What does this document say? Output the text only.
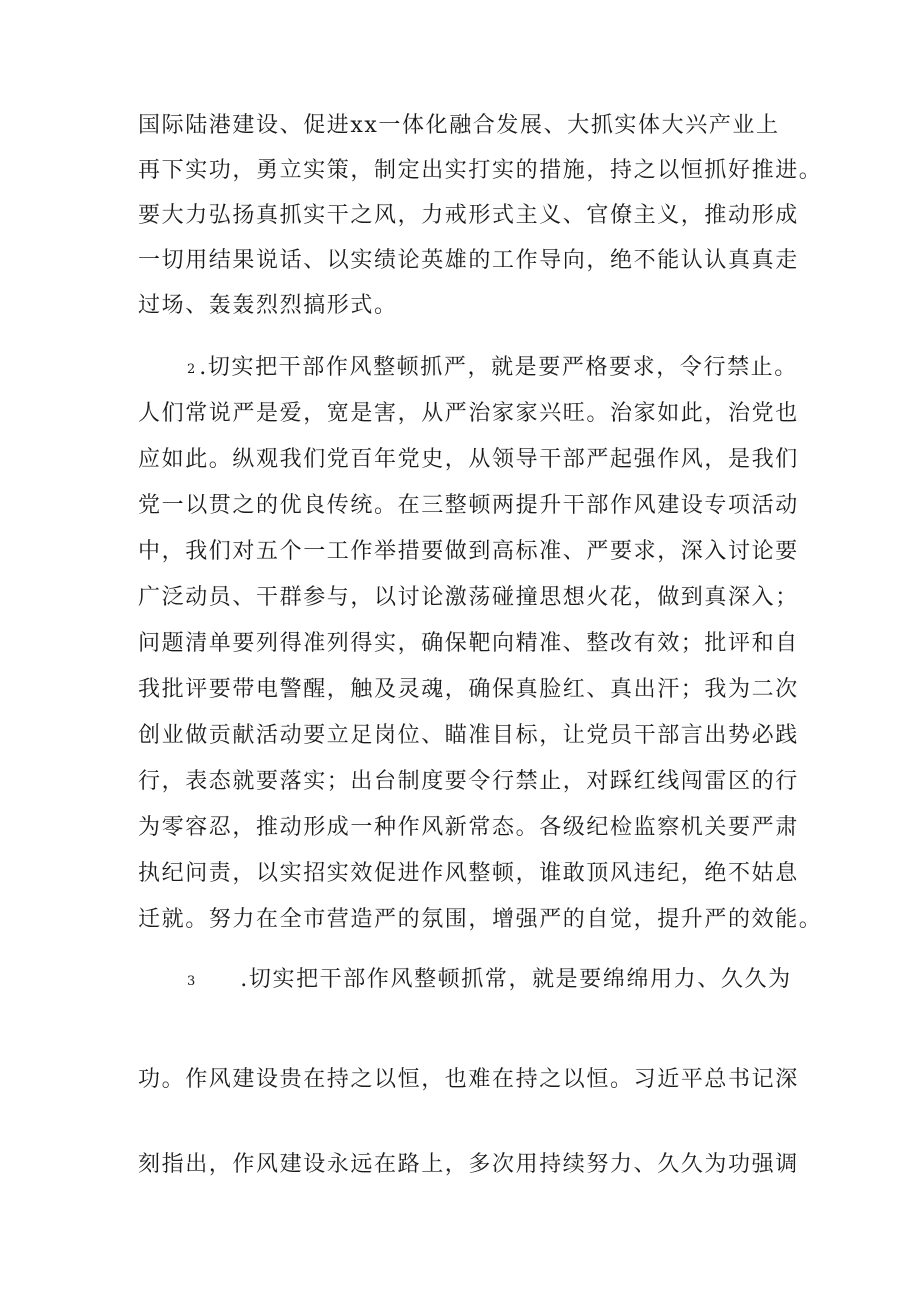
国际陆港建设、促进xx一体化融合发展、大抓实体大兴产业上
再下实功，勇立实策，制定出实打实的措施，持之以恒抓好推进。
要大力弘扬真抓实干之风，力戒形式主义、官僚主义，推动形成
一切用结果说话、以实绩论英雄的工作导向，绝不能认认真真走
过场、轰轰烈烈搞形式。
2 .切实把干部作风整顿抓严，就是要严格要求，令行禁止。
人们常说严是爱，宽是害，从严治家家兴旺。治家如此，治党也
应如此。纵观我们党百年党史，从领导干部严起强作风，是我们
党一以贯之的优良传统。在三整顿两提升干部作风建设专项活动
中，我们对五个一工作举措要做到高标准、严要求，深入讨论要
广泛动员、干群参与，以讨论激荡碰撞思想火花，做到真深入；
问题清单要列得准列得实，确保靶向精准、整改有效；批评和自
我批评要带电警醒，触及灵魂，确保真脸红、真出汗；我为二次
创业做贡献活动要立足岗位、瞄准目标，让党员干部言出势必践
行，表态就要落实；出台制度要令行禁止，对踩红线闯雷区的行
为零容忍，推动形成一种作风新常态。各级纪检监察机关要严肃
执纪问责，以实招实效促进作风整顿，谁敢顶风违纪，绝不姑息
迁就。努力在全市营造严的氛围，增强严的自觉，提升严的效能。
3 .切实把干部作风整顿抓常，就是要绵绵用力、久久为
功。作风建设贵在持之以恒，也难在持之以恒。习近平总书记深
刻指出，作风建设永远在路上，多次用持续努力、久久为功强调
